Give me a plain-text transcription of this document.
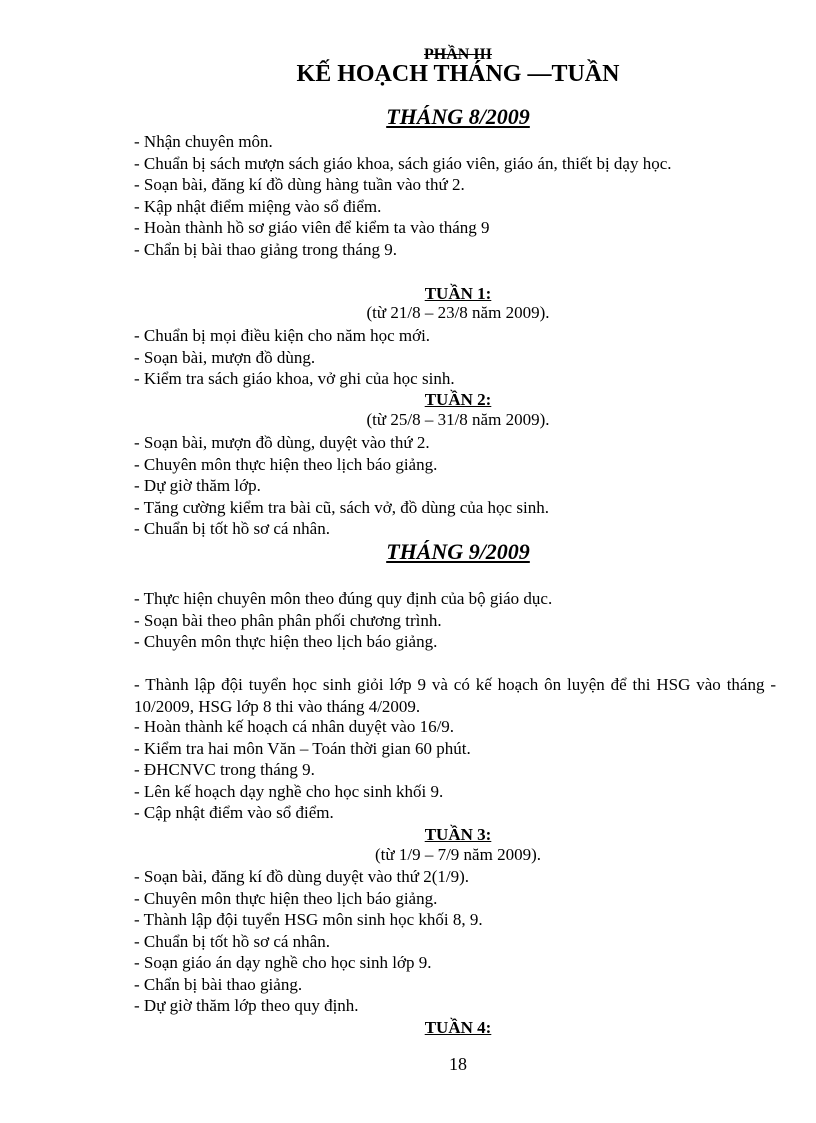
PHẦN III
KẾ HOẠCH THÁNG —TUẦN
THÁNG 8/2009
- Nhận chuyên môn.
- Chuẩn bị sách mượn sách giáo khoa, sách giáo viên, giáo án, thiết bị dạy học.
- Soạn bài, đăng kí đồ dùng hàng tuần vào thứ 2.
- Kập nhật điểm miệng vào sổ điểm.
- Hoàn thành hồ sơ giáo viên để kiểm ta vào tháng 9
- Chẩn bị bài thao giảng trong tháng 9.
TUẦN 1:
(từ 21/8 – 23/8 năm 2009).
- Chuẩn bị mọi điều kiện cho năm học mới.
- Soạn bài, mượn đồ dùng.
- Kiểm tra sách giáo khoa, vở ghi của học sinh.
TUẦN 2:
(từ 25/8 – 31/8 năm 2009).
- Soạn bài, mượn đồ dùng, duyệt vào thứ 2.
- Chuyên môn thực hiện theo lịch báo giảng.
- Dự giờ thăm lớp.
- Tăng cường kiểm tra bài cũ, sách vở, đồ dùng của học sinh.
- Chuẩn bị tốt hồ sơ cá nhân.
THÁNG 9/2009
- Thực hiện chuyên môn theo đúng quy định của bộ giáo dục.
- Soạn bài theo phân phân phối chương trình.
- Chuyên môn thực hiện theo lịch báo giảng.
- Thành lập đội tuyển học sinh giỏi lớp 9 và có kế hoạch ôn luyện để thi HSG vào tháng - 10/2009, HSG lớp 8 thi vào tháng 4/2009.
- Hoàn thành kế hoạch cá nhân duyệt vào 16/9.
- Kiểm tra hai môn Văn – Toán thời gian 60 phút.
- ĐHCNVC trong tháng 9.
- Lên kế hoạch dạy nghề cho học sinh khối 9.
- Cập nhật điểm vào sổ điểm.
TUẦN 3:
(từ 1/9 – 7/9 năm 2009).
- Soạn bài, đăng kí đồ dùng duyệt vào thứ 2(1/9).
- Chuyên môn thực hiện theo lịch báo giảng.
- Thành lập đội tuyển HSG môn sinh học khối 8, 9.
- Chuẩn bị tốt hồ sơ cá nhân.
- Soạn giáo án dạy nghề cho học sinh lớp 9.
- Chẩn bị bài thao giảng.
- Dự giờ thăm lớp theo quy định.
TUẦN 4:
18
